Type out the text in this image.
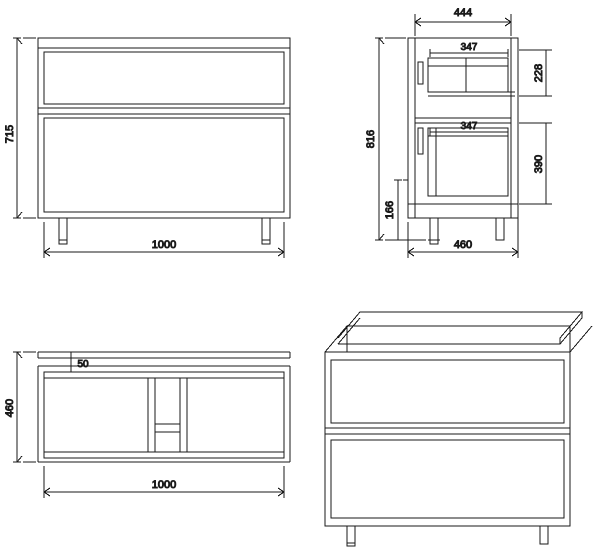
715
1000
444
347
347
228
390
816
166
460
50
460
1000
